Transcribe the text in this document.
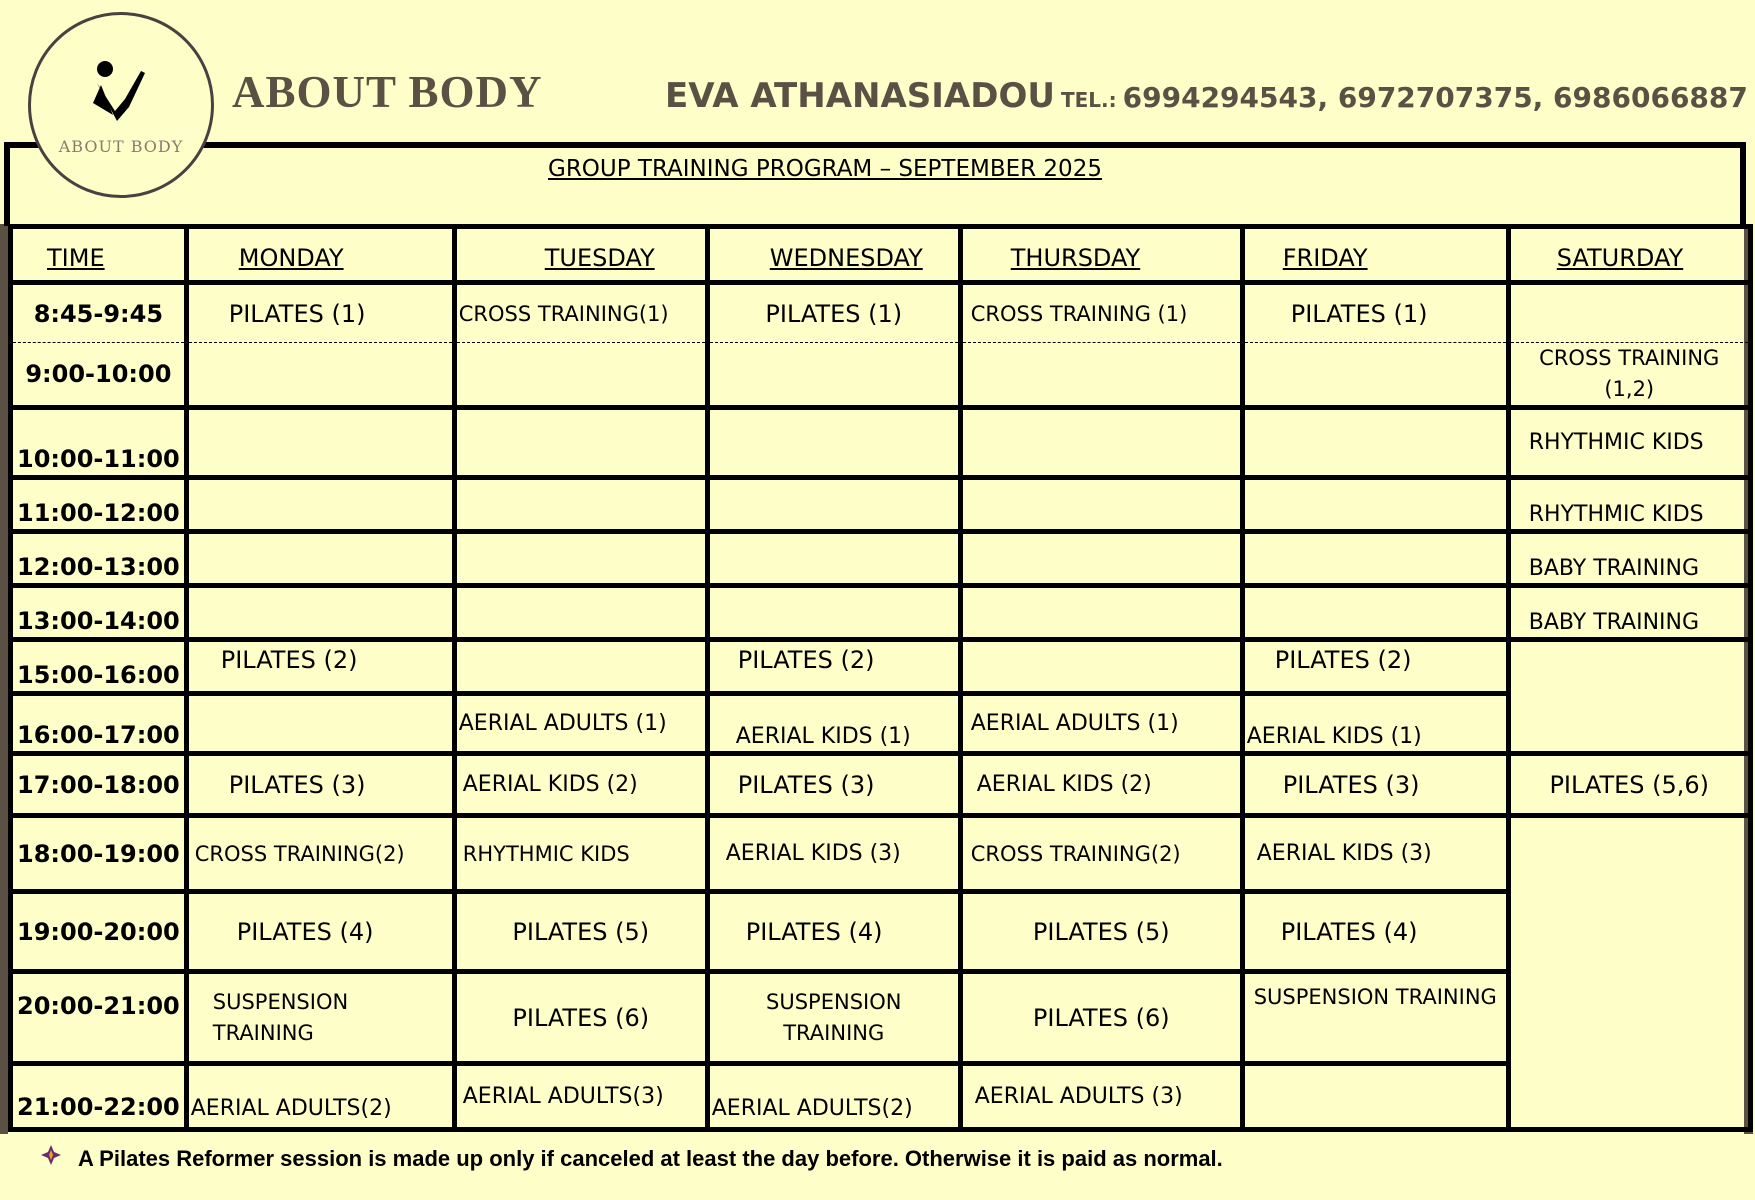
ABOUT BODY
ABOUT BODY	EVA ATHANASIADOU TEL.: 6994294543, 6972707375, 6986066887
GROUP TRAINING PROGRAM – SEPTEMBER 2025
TIME	MONDAY	TUESDAY	WEDNESDAY	THURSDAY	FRIDAY	SATURDAY
8:45-9:45	PILATES (1)	CROSS TRAINING(1)	PILATES (1)	CROSS TRAINING (1)	PILATES (1)	
9:00-10:00						CROSS TRAINING (1,2)
10:00-11:00						RHYTHMIC KIDS
11:00-12:00						RHYTHMIC KIDS
12:00-13:00						BABY TRAINING
13:00-14:00						BABY TRAINING
15:00-16:00	PILATES (2)		PILATES (2)		PILATES (2)	
16:00-17:00		AERIAL ADULTS (1)	AERIAL KIDS (1)	AERIAL ADULTS (1)	AERIAL KIDS (1)	
17:00-18:00	PILATES (3)	AERIAL KIDS (2)	PILATES (3)	AERIAL KIDS (2)	PILATES (3)	PILATES (5,6)
18:00-19:00	CROSS TRAINING(2)	RHYTHMIC KIDS	AERIAL KIDS (3)	CROSS TRAINING(2)	AERIAL KIDS (3)	
19:00-20:00	PILATES (4)	PILATES (5)	PILATES (4)	PILATES (5)	PILATES (4)	
20:00-21:00	SUSPENSION TRAINING	PILATES (6)	SUSPENSION TRAINING	PILATES (6)	SUSPENSION TRAINING	
21:00-22:00	AERIAL ADULTS(2)	AERIAL ADULTS(3)	AERIAL ADULTS(2)	AERIAL ADULTS (3)		
A Pilates Reformer session is made up only if canceled at least the day before. Otherwise it is paid as normal.
